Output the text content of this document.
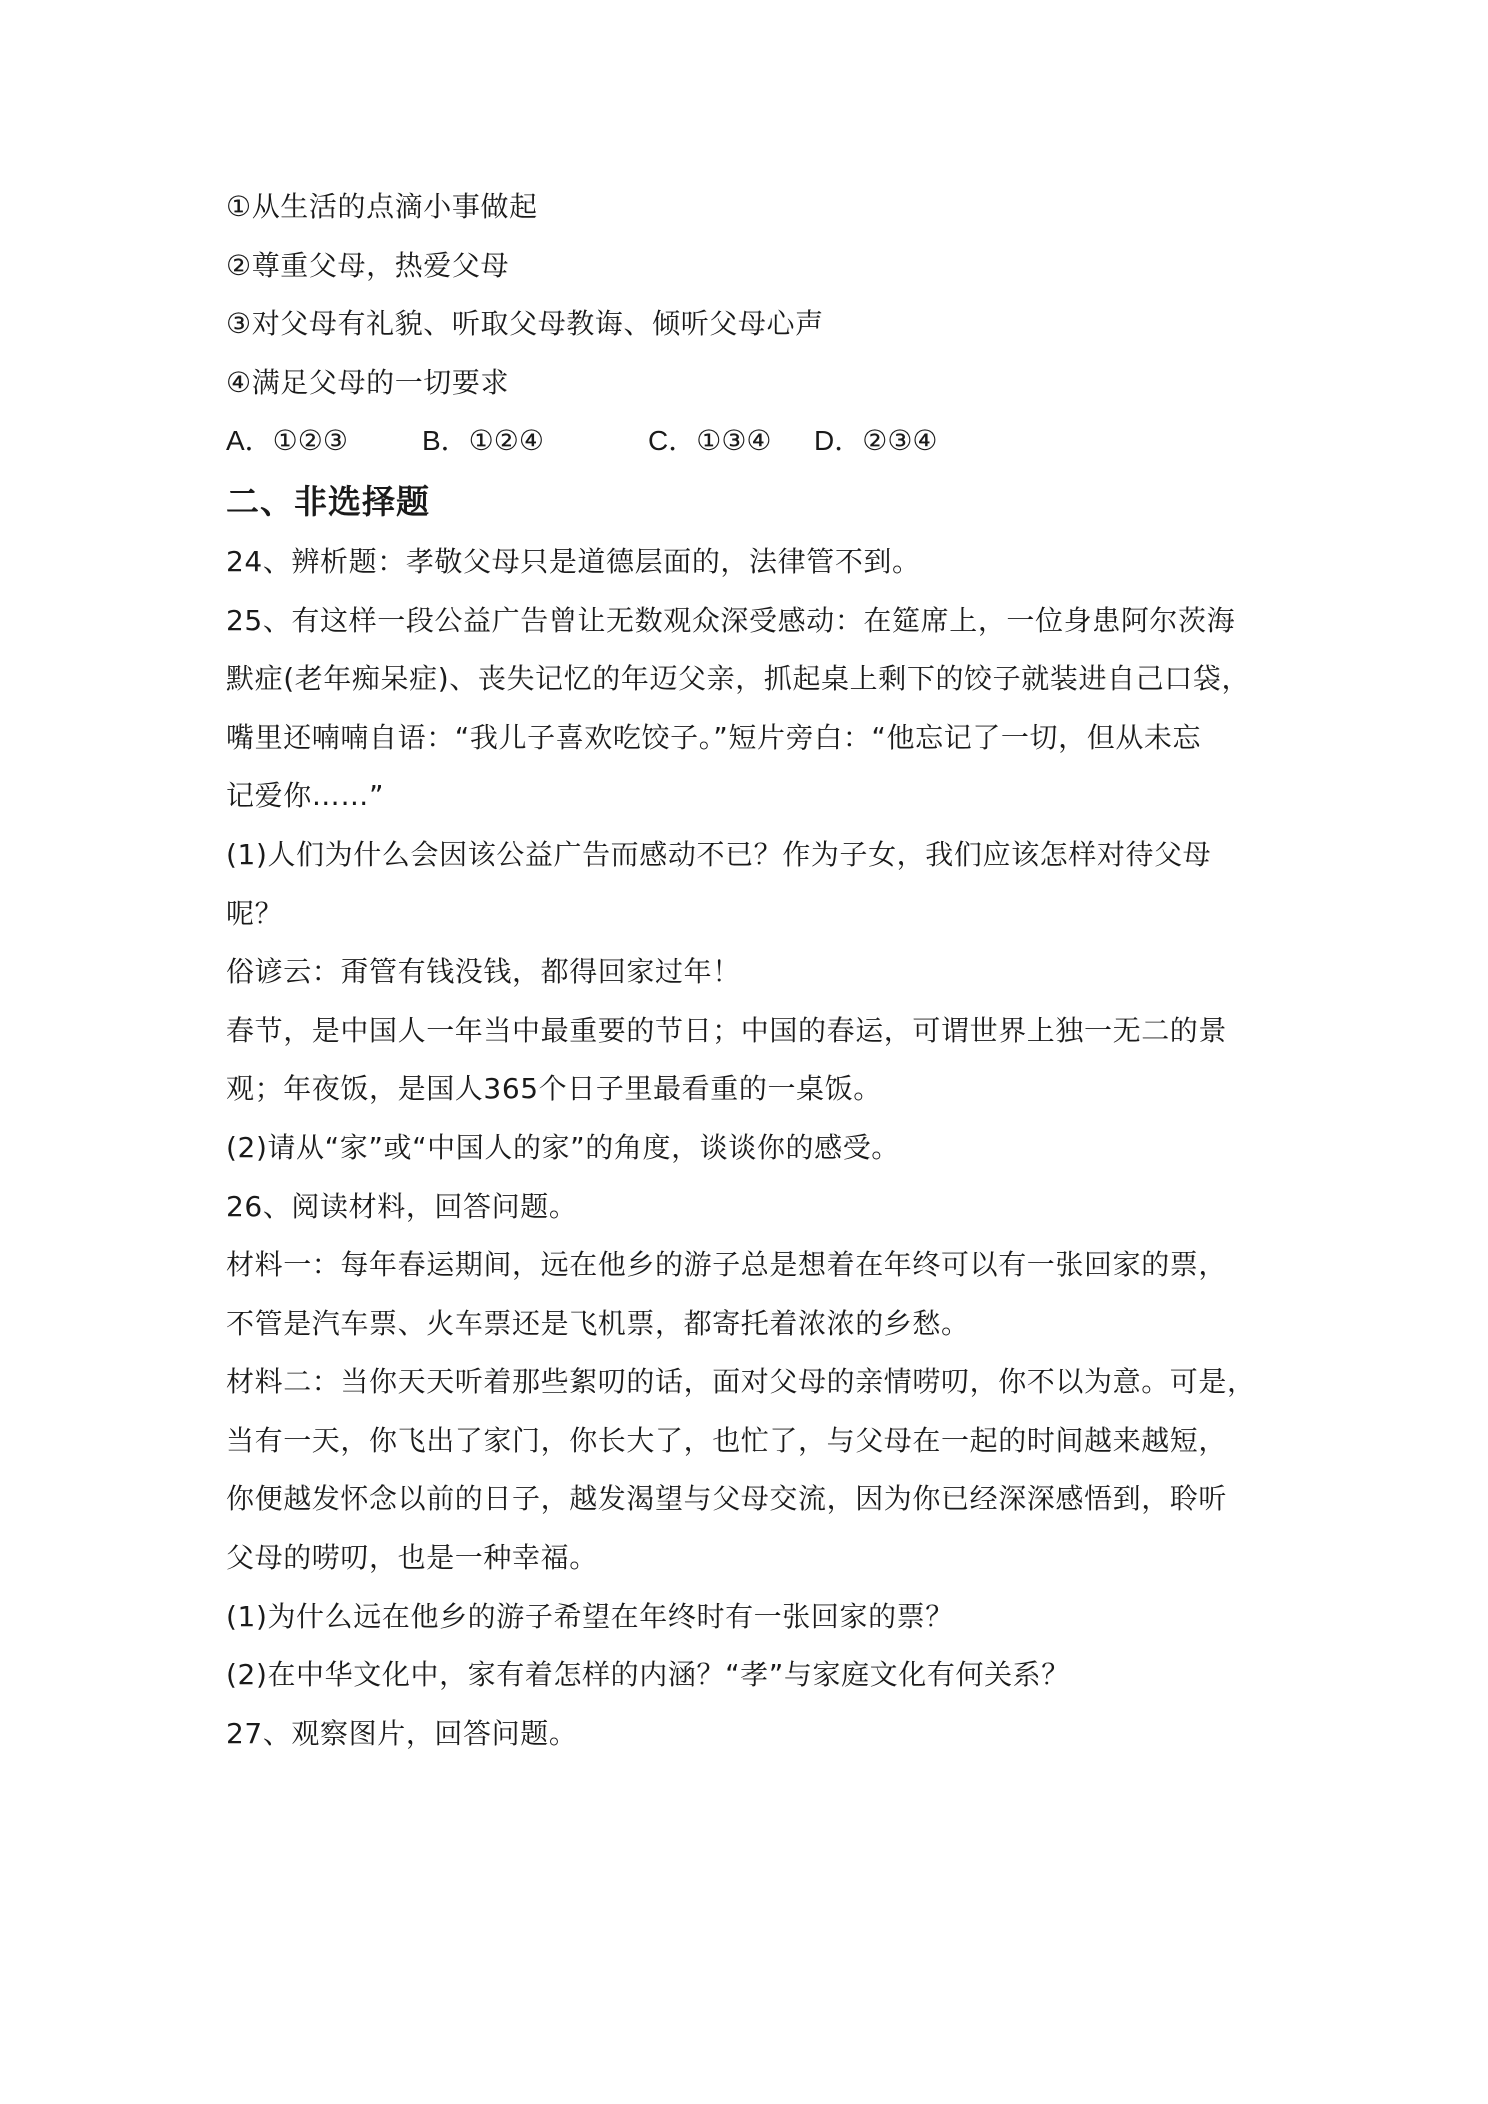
①从生活的点滴小事做起
②尊重父母，热爱父母
③对父母有礼貌、听取父母教诲、倾听父母心声
④满足父母的一切要求
A．①②③	B．①②④	C．①③④	D．②③④
二、非选择题
24、辨析题：孝敬父母只是道德层面的，法律管不到。
25、有这样一段公益广告曾让无数观众深受感动：在筵席上，一位身患阿尔茨海
默症(老年痴呆症)、丧失记忆的年迈父亲，抓起桌上剩下的饺子就装进自己口袋，
嘴里还喃喃自语：“我儿子喜欢吃饺子。”短片旁白：“他忘记了一切，但从未忘
记爱你……”
(1)人们为什么会因该公益广告而感动不已？作为子女，我们应该怎样对待父母
呢？
俗谚云：甭管有钱没钱，都得回家过年！
春节，是中国人一年当中最重要的节日；中国的春运，可谓世界上独一无二的景
观；年夜饭，是国人365个日子里最看重的一桌饭。
(2)请从“家”或“中国人的家”的角度，谈谈你的感受。
26、阅读材料，回答问题。
材料一：每年春运期间，远在他乡的游子总是想着在年终可以有一张回家的票，
不管是汽车票、火车票还是飞机票，都寄托着浓浓的乡愁。
材料二：当你天天听着那些絮叨的话，面对父母的亲情唠叨，你不以为意。可是，
当有一天，你飞出了家门，你长大了，也忙了，与父母在一起的时间越来越短，
你便越发怀念以前的日子，越发渴望与父母交流，因为你已经深深感悟到，聆听
父母的唠叨，也是一种幸福。
(1)为什么远在他乡的游子希望在年终时有一张回家的票？
(2)在中华文化中，家有着怎样的内涵？“孝”与家庭文化有何关系？
27、观察图片，回答问题。
